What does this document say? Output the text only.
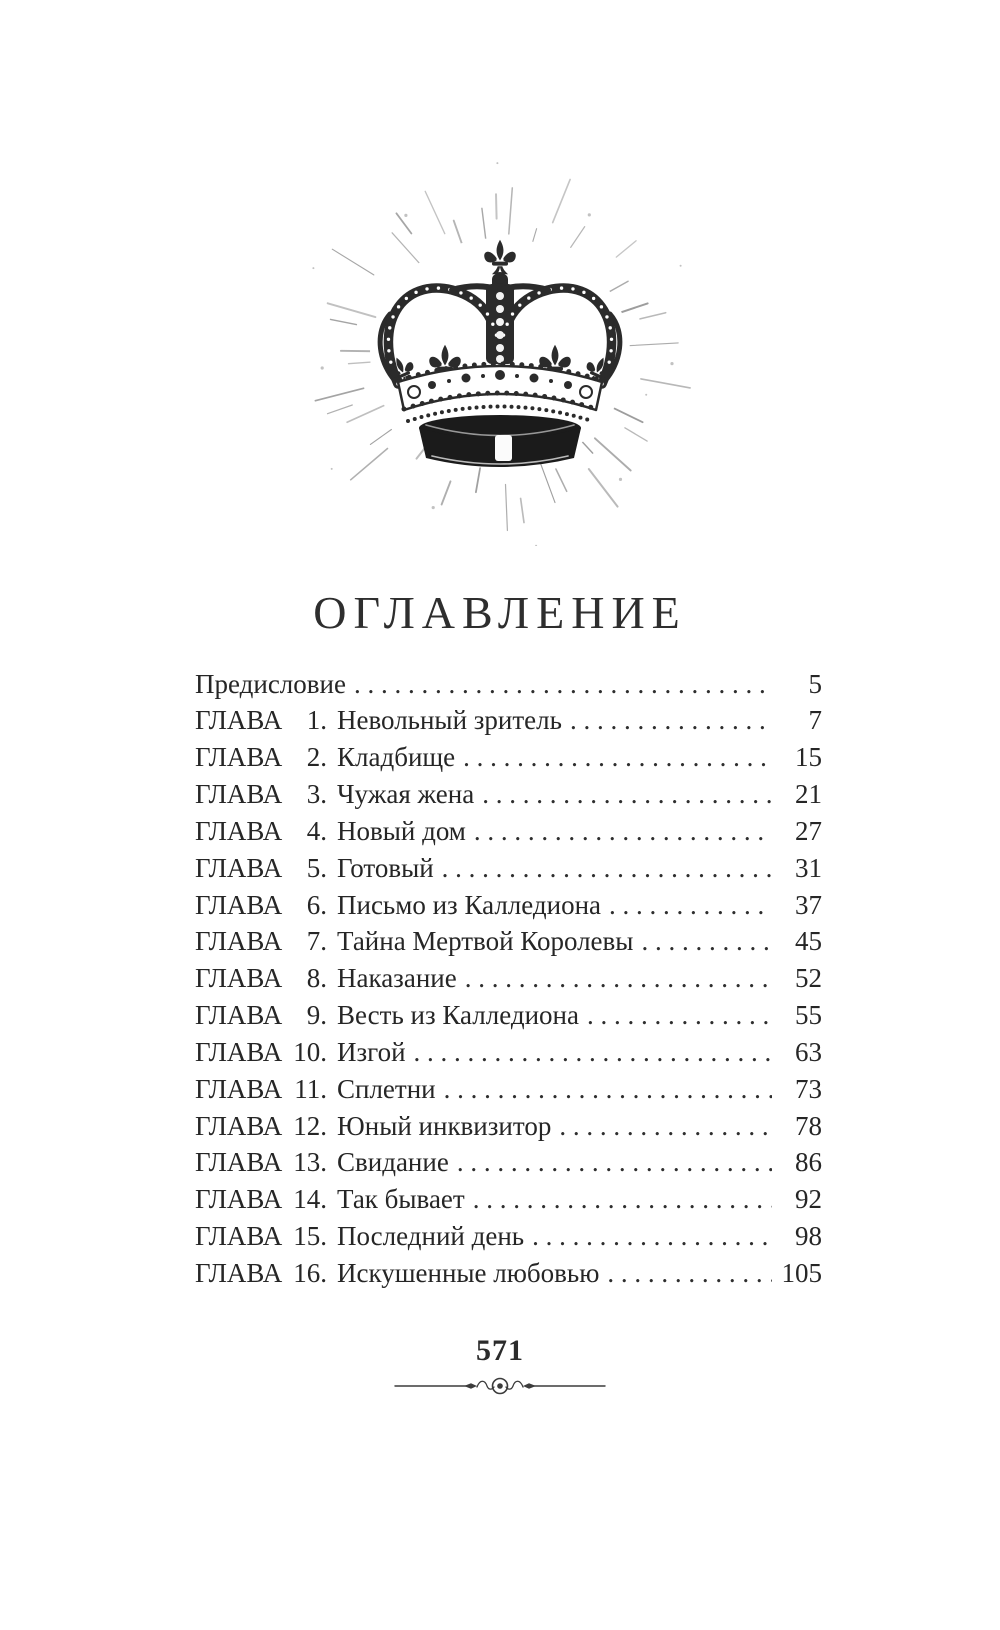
ОГЛАВЛЕНИЕ
Предисловие . . .	5
ГЛАВА 1. Невольный зритель . . .	7
ГЛАВА 2. Кладбище . . .	15
ГЛАВА 3. Чужая жена . . .	21
ГЛАВА 4. Новый дом . . .	27
ГЛАВА 5. Готовый . . .	31
ГЛАВА 6. Письмо из Калледиона . . .	37
ГЛАВА 7. Тайна Мертвой Королевы . . .	45
ГЛАВА 8. Наказание . . .	52
ГЛАВА 9. Весть из Калледиона . . .	55
ГЛАВА 10. Изгой . . .	63
ГЛАВА 11. Сплетни . . .	73
ГЛАВА 12. Юный инквизитор . . .	78
ГЛАВА 13. Свидание . . .	86
ГЛАВА 14. Так бывает . . .	92
ГЛАВА 15. Последний день . . .	98
ГЛАВА 16. Искушенные любовью . . .	105
571
